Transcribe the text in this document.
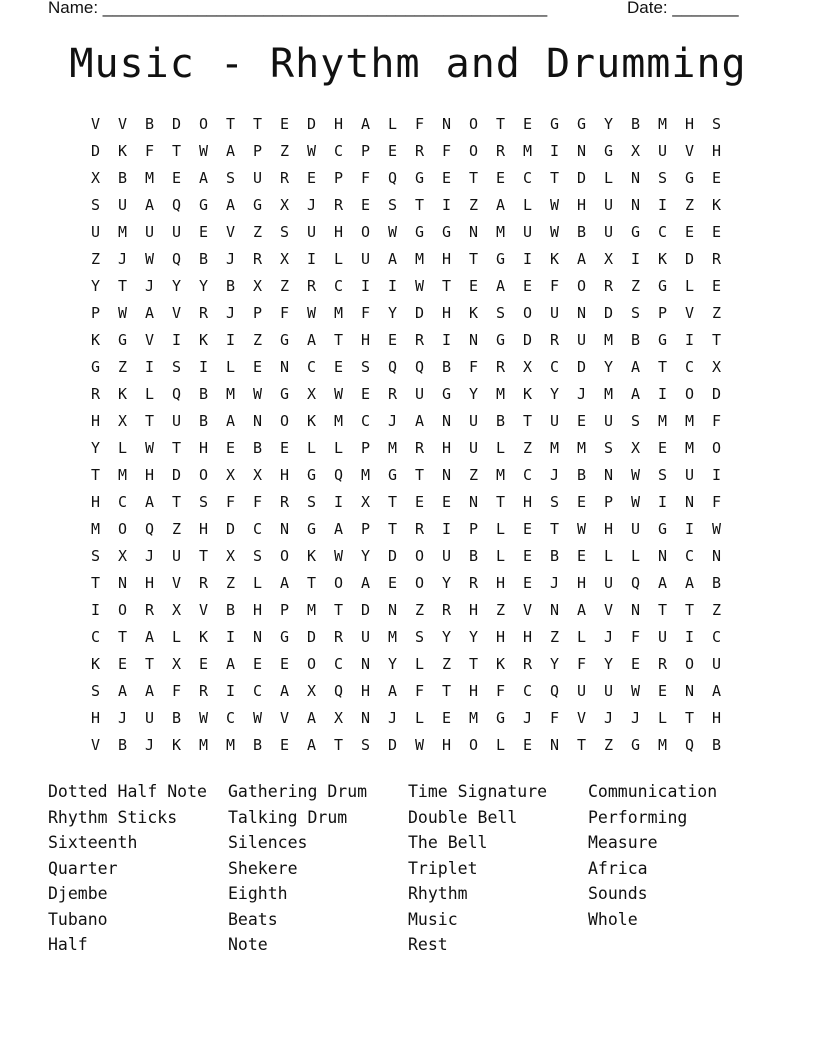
Name: _______________________________________________	Date: _______
Music - Rhythm and Drumming
V	V	B	D	O	T	T	E	D	H	A	L	F	N	O	T	E	G	G	Y	B	M	H	S
D	K	F	T	W	A	P	Z	W	C	P	E	R	F	O	R	M	I	N	G	X	U	V	H
X	B	M	E	A	S	U	R	E	P	F	Q	G	E	T	E	C	T	D	L	N	S	G	E
S	U	A	Q	G	A	G	X	J	R	E	S	T	I	Z	A	L	W	H	U	N	I	Z	K
U	M	U	U	E	V	Z	S	U	H	O	W	G	G	N	M	U	W	B	U	G	C	E	E
Z	J	W	Q	B	J	R	X	I	L	U	A	M	H	T	G	I	K	A	X	I	K	D	R
Y	T	J	Y	Y	B	X	Z	R	C	I	I	W	T	E	A	E	F	O	R	Z	G	L	E
P	W	A	V	R	J	P	F	W	M	F	Y	D	H	K	S	O	U	N	D	S	P	V	Z
K	G	V	I	K	I	Z	G	A	T	H	E	R	I	N	G	D	R	U	M	B	G	I	T
G	Z	I	S	I	L	E	N	C	E	S	Q	Q	B	F	R	X	C	D	Y	A	T	C	X
R	K	L	Q	B	M	W	G	X	W	E	R	U	G	Y	M	K	Y	J	M	A	I	O	D
H	X	T	U	B	A	N	O	K	M	C	J	A	N	U	B	T	U	E	U	S	M	M	F
Y	L	W	T	H	E	B	E	L	L	P	M	R	H	U	L	Z	M	M	S	X	E	M	O
T	M	H	D	O	X	X	H	G	Q	M	G	T	N	Z	M	C	J	B	N	W	S	U	I
H	C	A	T	S	F	F	R	S	I	X	T	E	E	N	T	H	S	E	P	W	I	N	F
M	O	Q	Z	H	D	C	N	G	A	P	T	R	I	P	L	E	T	W	H	U	G	I	W
S	X	J	U	T	X	S	O	K	W	Y	D	O	U	B	L	E	B	E	L	L	N	C	N
T	N	H	V	R	Z	L	A	T	O	A	E	O	Y	R	H	E	J	H	U	Q	A	A	B
I	O	R	X	V	B	H	P	M	T	D	N	Z	R	H	Z	V	N	A	V	N	T	T	Z
C	T	A	L	K	I	N	G	D	R	U	M	S	Y	Y	H	H	Z	L	J	F	U	I	C
K	E	T	X	E	A	E	E	O	C	N	Y	L	Z	T	K	R	Y	F	Y	E	R	O	U
S	A	A	F	R	I	C	A	X	Q	H	A	F	T	H	F	C	Q	U	U	W	E	N	A
H	J	U	B	W	C	W	V	A	X	N	J	L	E	M	G	J	F	V	J	J	L	T	H
V	B	J	K	M	M	B	E	A	T	S	D	W	H	O	L	E	N	T	Z	G	M	Q	B
Dotted Half Note
Rhythm Sticks
Sixteenth
Quarter
Djembe
Tubano
Half
Gathering Drum
Talking Drum
Silences
Shekere
Eighth
Beats
Note
Time Signature
Double Bell
The Bell
Triplet
Rhythm
Music
Rest
Communication
Performing
Measure
Africa
Sounds
Whole
